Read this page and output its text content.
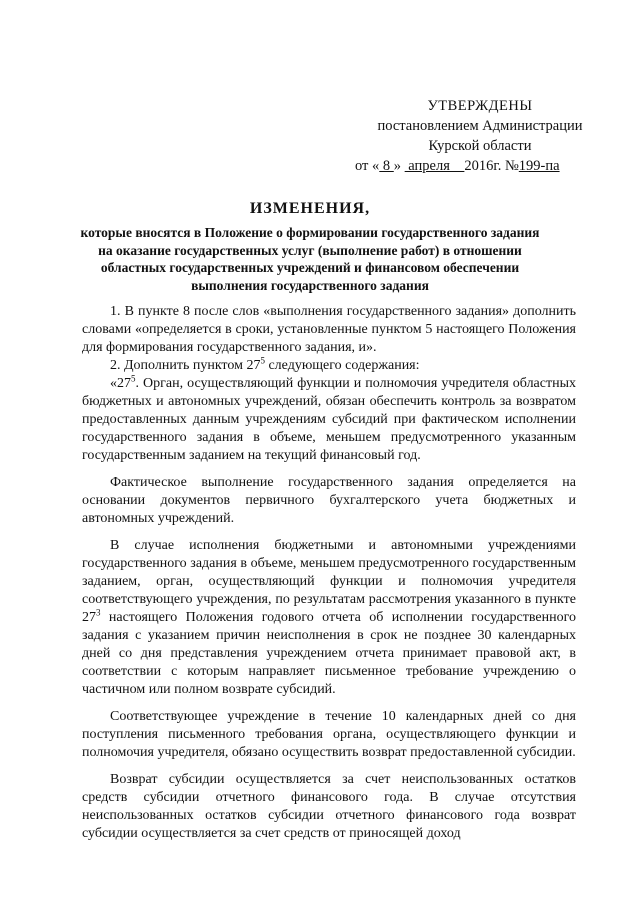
УТВЕРЖДЕНЫ
постановлением Администрации
Курской области
от « 8 »  апреля    2016г. №199-па
ИЗМЕНЕНИЯ,
которые вносятся в Положение о формировании государственного задания на оказание государственных услуг (выполнение работ) в отношении областных государственных учреждений и финансовом обеспечении выполнения государственного задания

1. В пункте 8 после слов «выполнения государственного задания» дополнить словами «определяется в сроки, установленные пунктом 5 настоящего Положения для формирования государственного задания, и».

2. Дополнить пунктом $27^5$ следующего содержания:

«$27^5$. Орган, осуществляющий функции и полномочия учредителя областных бюджетных и автономных учреждений, обязан обеспечить контроль за возвратом предоставленных данным учреждениям субсидий при фактическом исполнении государственного задания в объеме, меньшем предусмотренного указанным государственным заданием на текущий финансовый год.

Фактическое выполнение государственного задания определяется на основании документов первичного бухгалтерского учета бюджетных и автономных учреждений.

В случае исполнения бюджетными и автономными учреждениями государственного задания в объеме, меньшем предусмотренного государственным заданием, орган, осуществляющий функции и полномочия учредителя соответствующего учреждения, по результатам рассмотрения указанного в пункте $27^3$ настоящего Положения годового отчета об исполнении государственного задания с указанием причин неисполнения в срок не позднее 30 календарных дней со дня представления учреждением отчета принимает правовой акт, в соответствии с которым направляет письменное требование учреждению о частичном или полном возврате субсидий.

Соответствующее учреждение в течение 10 календарных дней со дня поступления письменного требования органа, осуществляющего функции и полномочия учредителя, обязано осуществить возврат предоставленной субсидии.

Возврат субсидии осуществляется за счет неиспользованных остатков средств субсидии отчетного финансового года. В случае отсутствия неиспользованных остатков субсидии отчетного финансового года возврат субсидии осуществляется за счет средств от приносящей доход
